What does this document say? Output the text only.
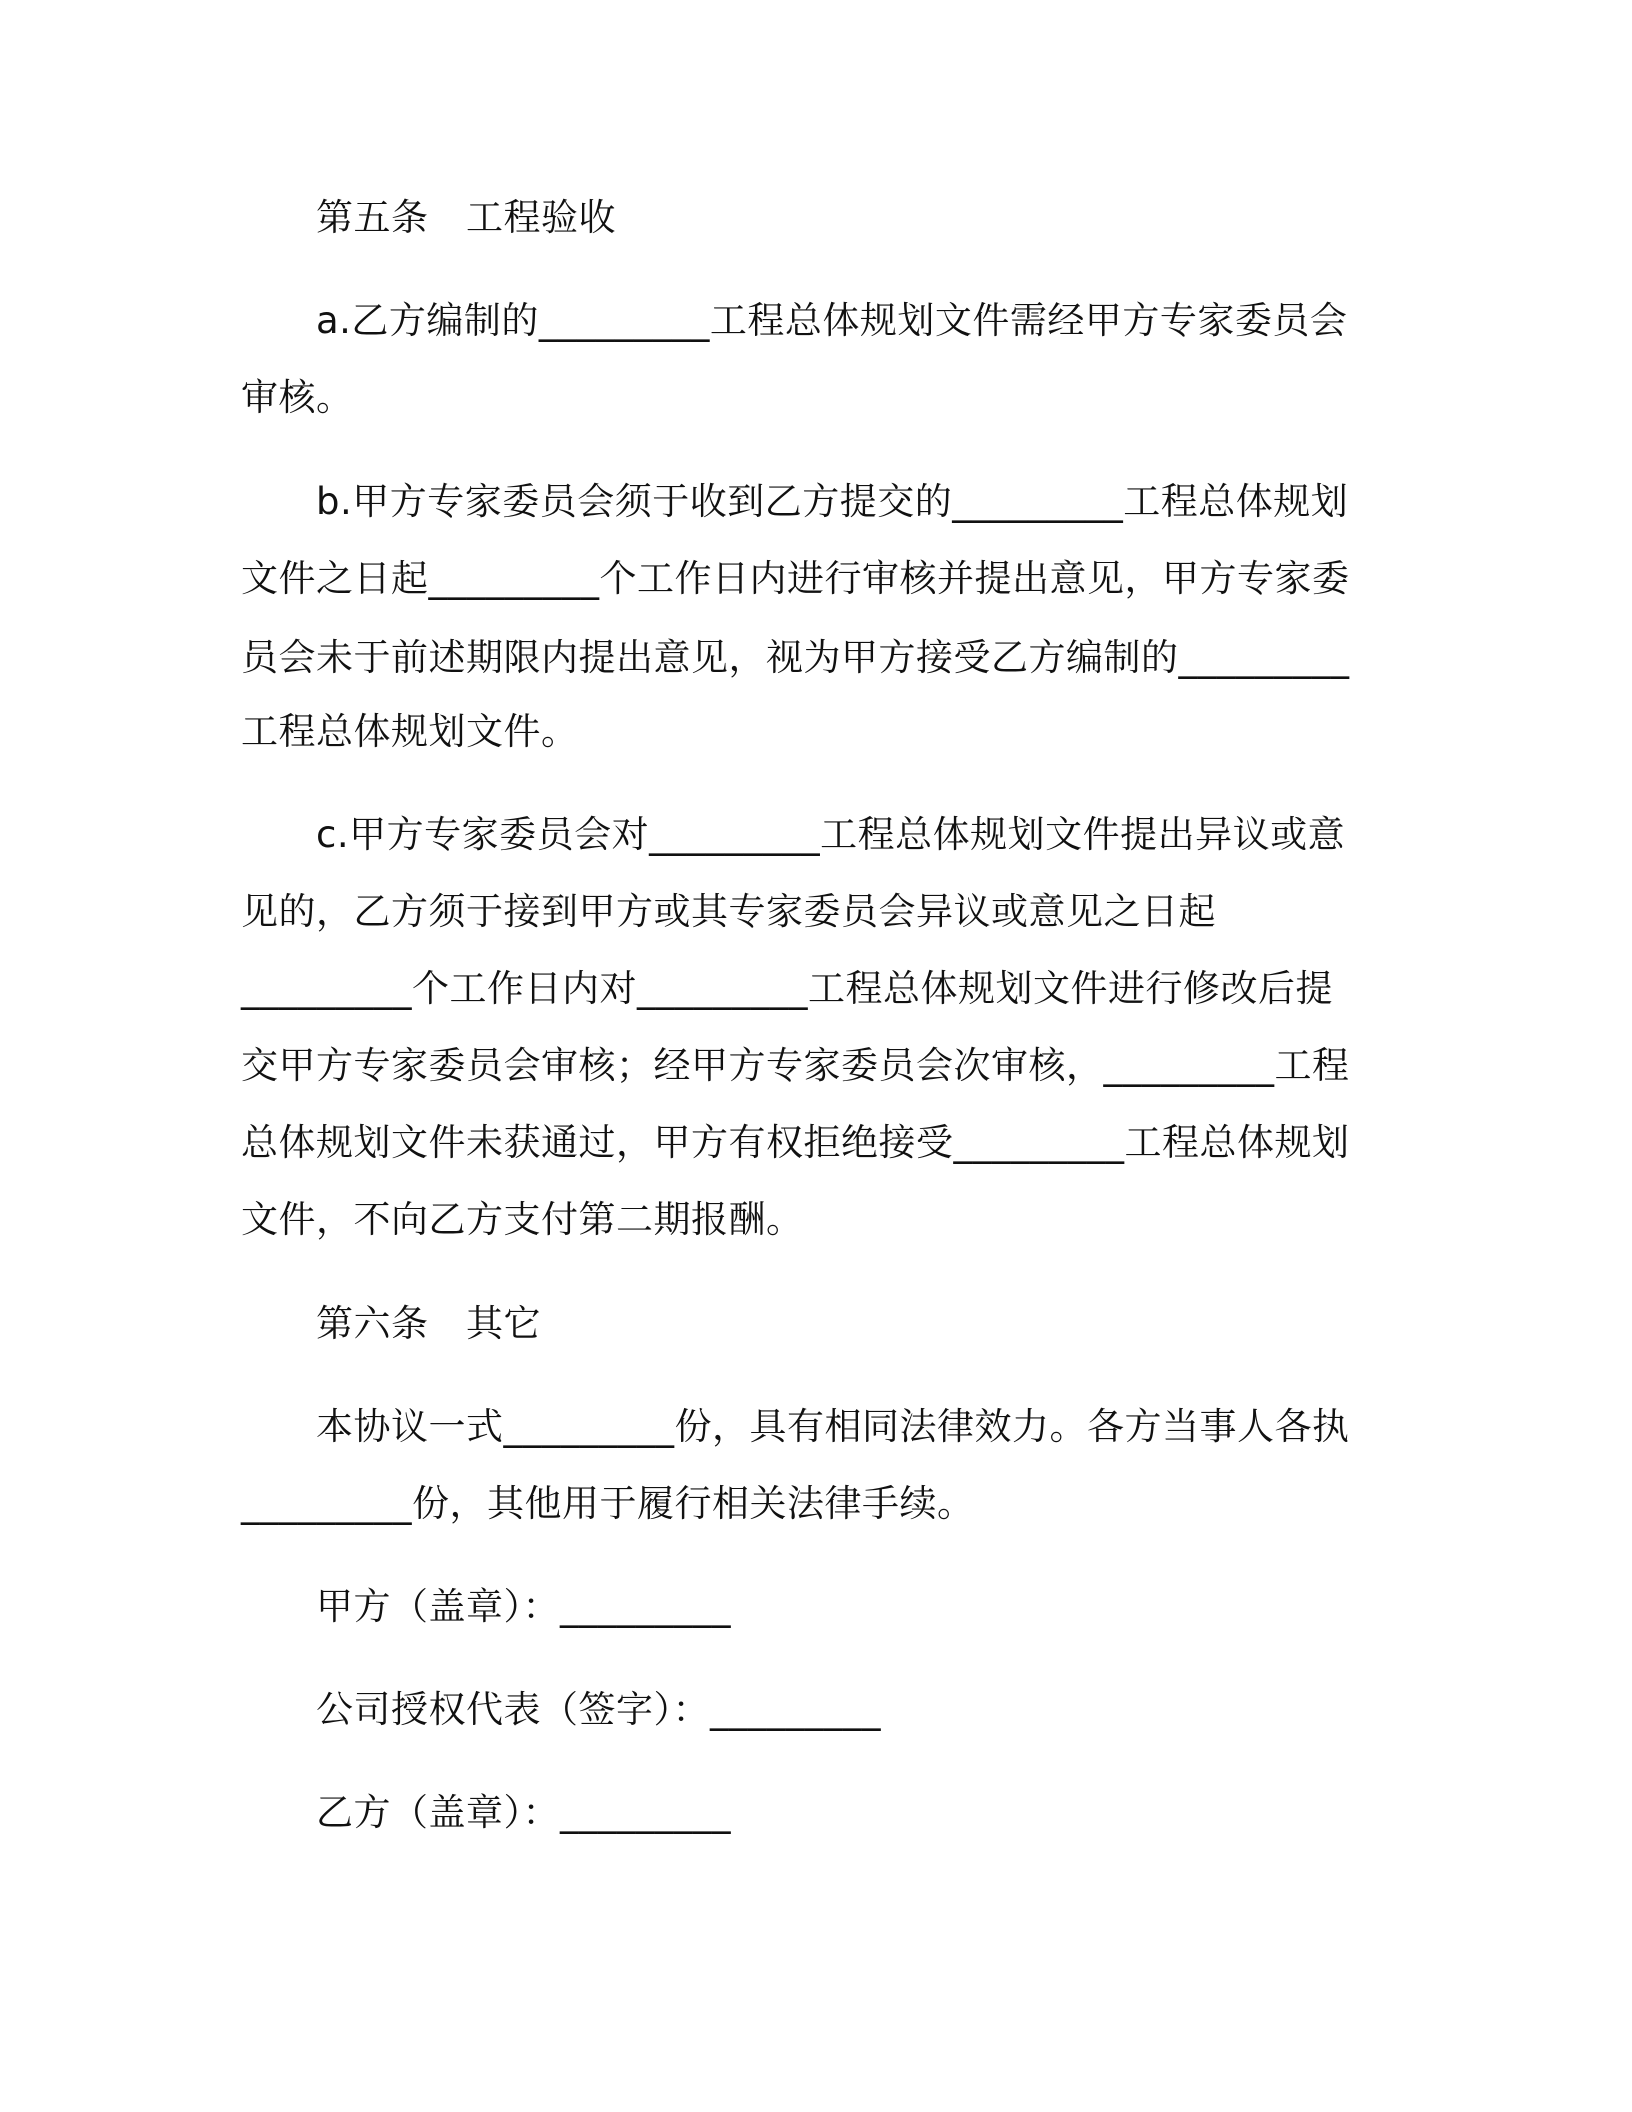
第五条　工程验收
a.乙方编制的_________工程总体规划文件需经甲方专家委员会
审核。
b.甲方专家委员会须于收到乙方提交的_________工程总体规划
文件之日起_________个工作日内进行审核并提出意见，甲方专家委
员会未于前述期限内提出意见，视为甲方接受乙方编制的_________
工程总体规划文件。
c.甲方专家委员会对_________工程总体规划文件提出异议或意
见的，乙方须于接到甲方或其专家委员会异议或意见之日起
_________个工作日内对_________工程总体规划文件进行修改后提
交甲方专家委员会审核；经甲方专家委员会次审核，_________工程
总体规划文件未获通过，甲方有权拒绝接受_________工程总体规划
文件，不向乙方支付第二期报酬。
第六条　其它
本协议一式_________份，具有相同法律效力。各方当事人各执
_________份，其他用于履行相关法律手续。
甲方（盖章）：_________
公司授权代表（签字）：_________
乙方（盖章）：_________
